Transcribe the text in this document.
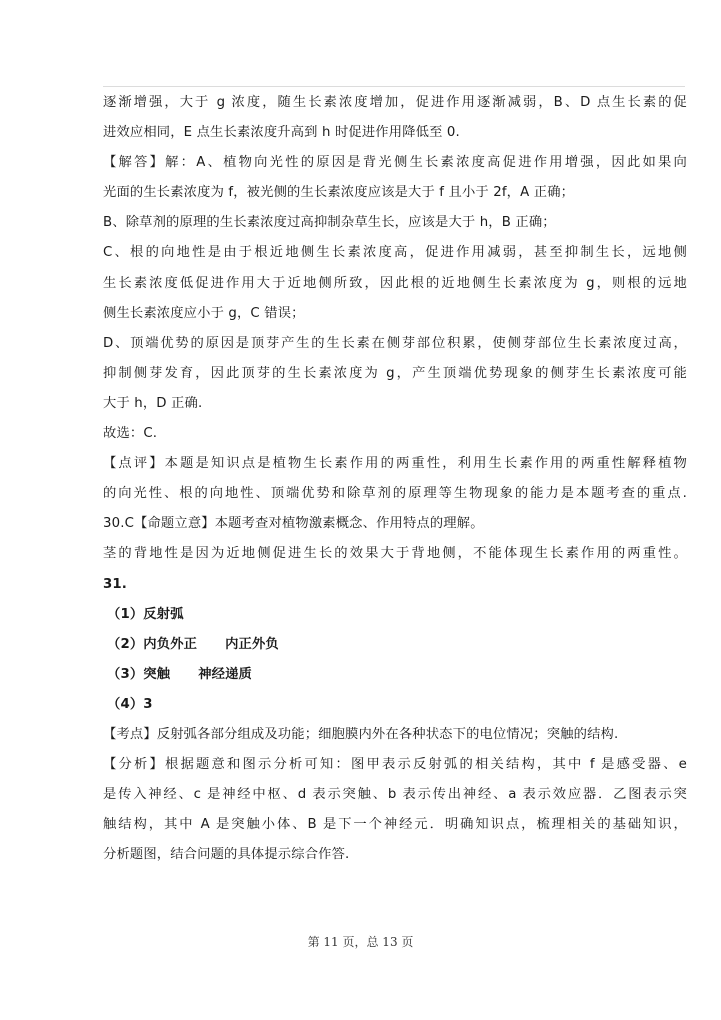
逐渐增强，大于 g 浓度，随生长素浓度增加，促进作用逐渐减弱，B、D 点生长素的促
进效应相同，E 点生长素浓度升高到 h 时促进作用降低至 0.
【解答】解：A、植物向光性的原因是背光侧生长素浓度高促进作用增强，因此如果向
光面的生长素浓度为 f，被光侧的生长素浓度应该是大于 f 且小于 2f，A 正确；
B、除草剂的原理的生长素浓度过高抑制杂草生长，应该是大于 h，B 正确；
C、根的向地性是由于根近地侧生长素浓度高，促进作用减弱，甚至抑制生长，远地侧
生长素浓度低促进作用大于近地侧所致，因此根的近地侧生长素浓度为 g，则根的远地
侧生长素浓度应小于 g，C 错误；
D、顶端优势的原因是顶芽产生的生长素在侧芽部位积累，使侧芽部位生长素浓度过高，
抑制侧芽发育，因此顶芽的生长素浓度为 g，产生顶端优势现象的侧芽生长素浓度可能
大于 h，D 正确.
故选：C.
【点评】本题是知识点是植物生长素作用的两重性，利用生长素作用的两重性解释植物
的向光性、根的向地性、顶端优势和除草剂的原理等生物现象的能力是本题考查的重点.
30.C【命题立意】本题考查对植物激素概念、作用特点的理解。
茎的背地性是因为近地侧促进生长的效果大于背地侧，不能体现生长素作用的两重性。
31.
（1）反射弧
（2）内负外正 内正外负
（3）突触 神经递质
（4）3
【考点】反射弧各部分组成及功能；细胞膜内外在各种状态下的电位情况；突触的结构.
【分析】根据题意和图示分析可知：图甲表示反射弧的相关结构，其中 f 是感受器、e
是传入神经、c 是神经中枢、d 表示突触、b 表示传出神经、a 表示效应器．乙图表示突
触结构，其中 A 是突触小体、B 是下一个神经元．明确知识点，梳理相关的基础知识，
分析题图，结合问题的具体提示综合作答.
第 11 页，总 13 页
